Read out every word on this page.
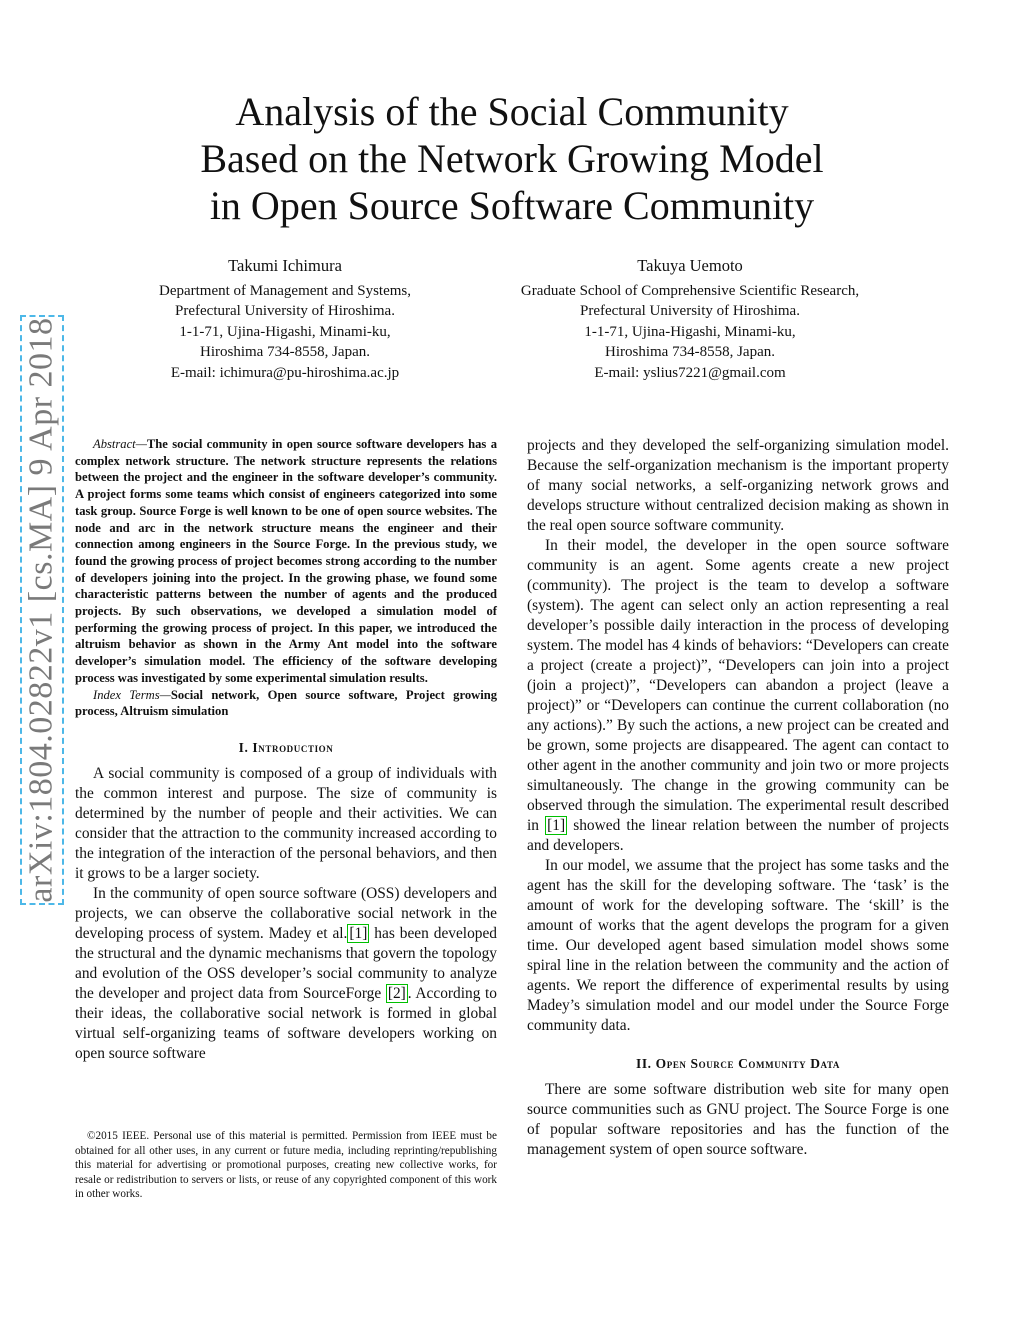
arXiv:1804.02822v1 [cs.MA] 9 Apr 2018
Analysis of the Social Community
Based on the Network Growing Model
in Open Source Software Community
Takumi Ichimura
Department of Management and Systems,
Prefectural University of Hiroshima.
1-1-71, Ujina-Higashi, Minami-ku,
Hiroshima 734-8558, Japan.
E-mail: ichimura@pu-hiroshima.ac.jp
Takuya Uemoto
Graduate School of Comprehensive Scientific Research,
Prefectural University of Hiroshima.
1-1-71, Ujina-Higashi, Minami-ku,
Hiroshima 734-8558, Japan.
E-mail: yslius7221@gmail.com

Abstract—The social community in open source software developers has a complex network structure. The network structure represents the relations between the project and the engineer in the software developer’s community. A project forms some teams which consist of engineers categorized into some task group. Source Forge is well known to be one of open source websites. The node and arc in the network structure means the engineer and their connection among engineers in the Source Forge. In the previous study, we found the growing process of project becomes strong according to the number of developers joining into the project. In the growing phase, we found some characteristic patterns between the number of agents and the produced projects. By such observations, we developed a simulation model of performing the growing process of project. In this paper, we introduced the altruism behavior as shown in the Army Ant model into the software developer’s simulation model. The efficiency of the software developing process was investigated by some experimental simulation results.

Index Terms—Social network, Open source software, Project growing process, Altruism simulation

I. Introduction

A social community is composed of a group of individuals with the common interest and purpose. The size of community is determined by the number of people and their activities. We can consider that the attraction to the community increased according to the integration of the interaction of the personal behaviors, and then it grows to be a larger society.

In the community of open source software (OSS) developers and projects, we can observe the collaborative social network in the developing process of system. Madey et al. [1] has been developed the structural and the dynamic mechanisms that govern the topology and evolution of the OSS developer’s social community to analyze the developer and project data from SourceForge [2] . According to their ideas, the collaborative social network is formed in global virtual self-organizing teams of software developers working on open source software

©2015 IEEE. Personal use of this material is permitted. Permission from IEEE must be obtained for all other uses, in any current or future media, including reprinting/republishing this material for advertising or promotional purposes, creating new collective works, for resale or redistribution to servers or lists, or reuse of any copyrighted component of this work in other works.

projects and they developed the self-organizing simulation model. Because the self-organization mechanism is the important property of many social networks, a self-organizing network grows and develops structure without centralized decision making as shown in the real open source software community.

In their model, the developer in the open source software community is an agent. Some agents create a new project (community). The project is the team to develop a software (system). The agent can select only an action representing a real developer’s possible daily interaction in the process of developing system. The model has 4 kinds of behaviors: “Developers can create a project (create a project)”, “Developers can join into a project (join a project)”, “Developers can abandon a project (leave a project)” or “Developers can continue the current collaboration (no any actions).” By such the actions, a new project can be created and be grown, some projects are disappeared. The agent can contact to other agent in the another community and join two or more projects simultaneously. The change in the growing community can be observed through the simulation. The experimental result described in [1] showed the linear relation between the number of projects and developers.

In our model, we assume that the project has some tasks and the agent has the skill for the developing software. The ‘task’ is the amount of work for the developing software. The ‘skill’ is the amount of works that the agent develops the program for a given time. Our developed agent based simulation model shows some spiral line in the relation between the community and the action of agents. We report the difference of experimental results by using Madey’s simulation model and our model under the Source Forge community data.

II. Open Source Community Data

There are some software distribution web site for many open source communities such as GNU project. The Source Forge is one of popular software repositories and has the function of the management system of open source software.
